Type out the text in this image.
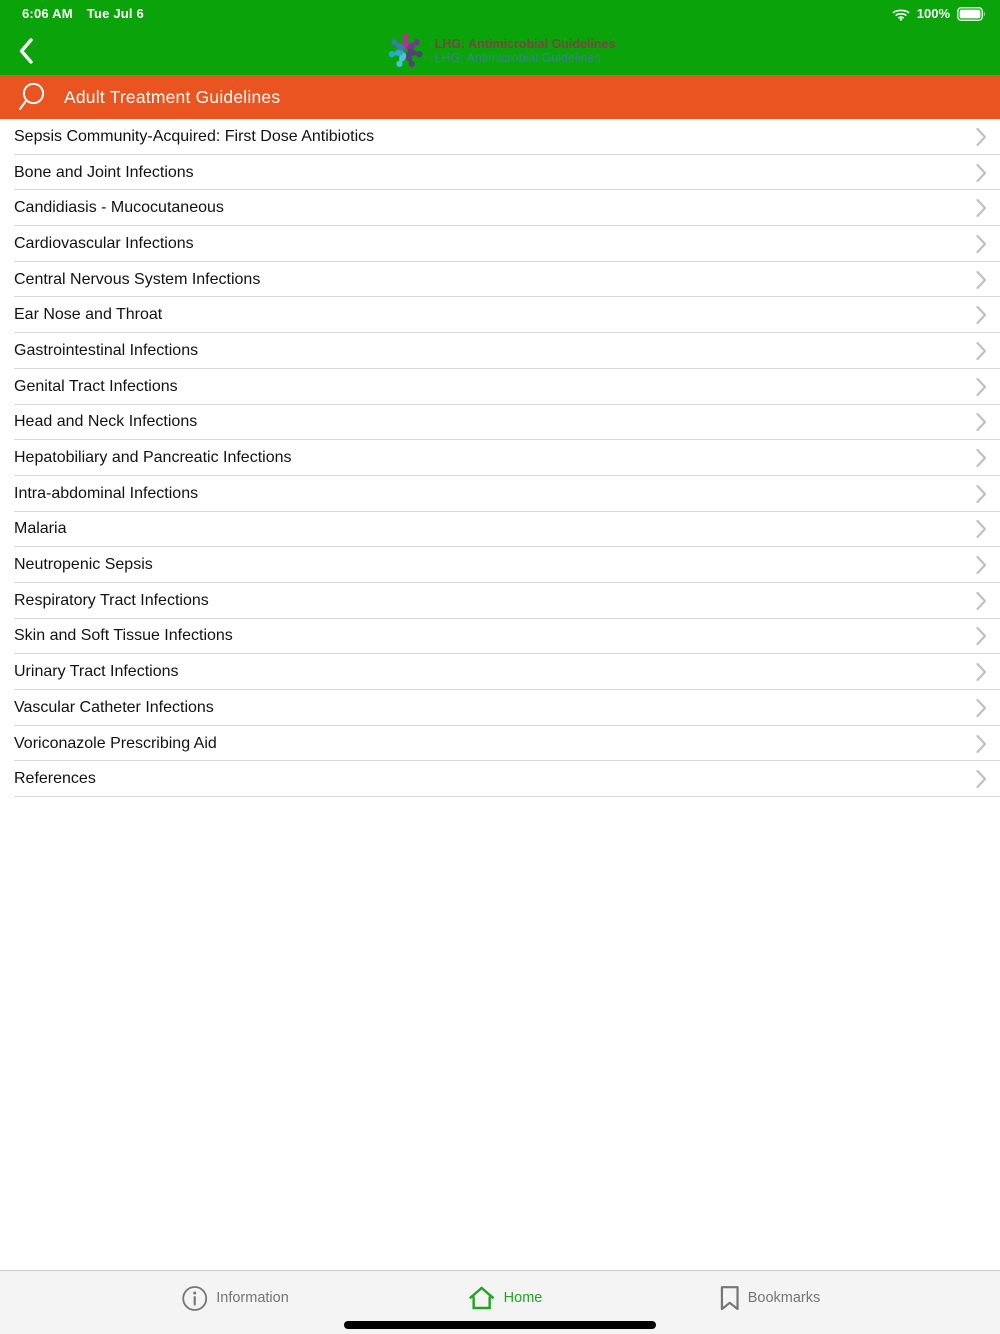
6:06 AM Tue Jul 6	100%
LHG: Antimicrobial Guidelines
LHG: Antimicrobial Guidelines
Adult Treatment Guidelines
Sepsis Community-Acquired: First Dose Antibiotics
Bone and Joint Infections
Candidiasis - Mucocutaneous
Cardiovascular Infections
Central Nervous System Infections
Ear Nose and Throat
Gastrointestinal Infections
Genital Tract Infections
Head and Neck Infections
Hepatobiliary and Pancreatic Infections
Intra-abdominal Infections
Malaria
Neutropenic Sepsis
Respiratory Tract Infections
Skin and Soft Tissue Infections
Urinary Tract Infections
Vascular Catheter Infections
Voriconazole Prescribing Aid
References
Information	Home	Bookmarks
